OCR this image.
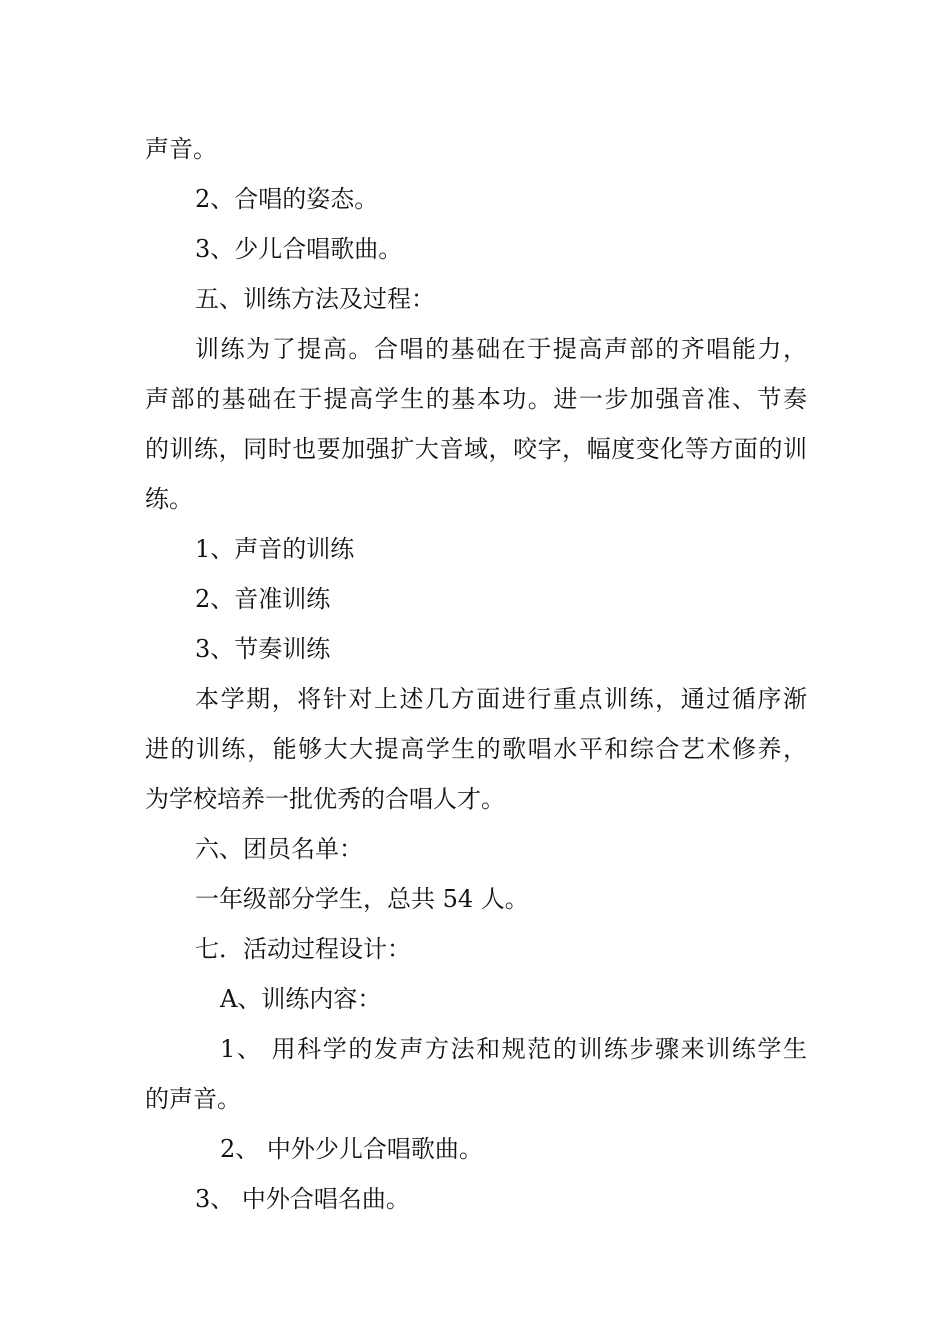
声音。
2、合唱的姿态。
3、少儿合唱歌曲。
五、训练方法及过程：
训练为了提高。合唱的基础在于提高声部的齐唱能力，
声部的基础在于提高学生的基本功。进一步加强音准、节奏
的训练，同时也要加强扩大音域，咬字，幅度变化等方面的训
练。
1、声音的训练
2、音准训练
3、节奏训练
本学期，将针对上述几方面进行重点训练，通过循序渐
进的训练，能够大大提高学生的歌唱水平和综合艺术修养，
为学校培养一批优秀的合唱人才。
六、团员名单：
一年级部分学生，总共 54 人。
七．活动过程设计：
A、训练内容：
1、 用科学的发声方法和规范的训练步骤来训练学生
的声音。
2、 中外少儿合唱歌曲。
3、 中外合唱名曲。
